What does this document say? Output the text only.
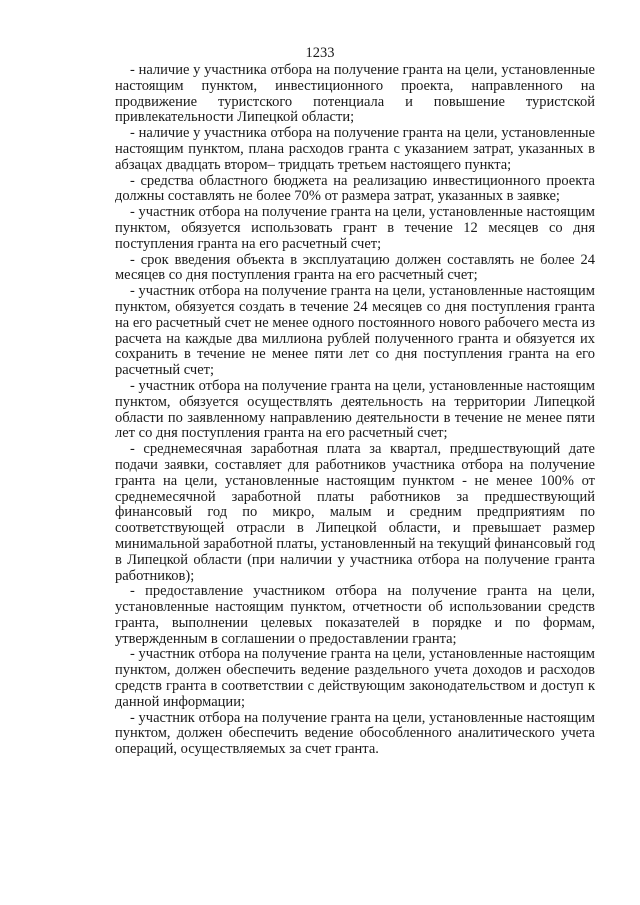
1233

- наличие у участника отбора на получение гранта на цели, установленные настоящим пунктом, инвестиционного проекта, направленного на продвижение туристского потенциала и повышение туристской привлекательности Липецкой области;

- наличие у участника отбора на получение гранта на цели, установленные настоящим пунктом, плана расходов гранта с указанием затрат, указанных в абзацах двадцать втором– тридцать третьем настоящего пункта;

- средства областного бюджета на реализацию инвестиционного проекта должны составлять не более 70% от размера затрат, указанных в заявке;

- участник отбора на получение гранта на цели, установленные настоящим пунктом, обязуется использовать грант в течение 12 месяцев со дня поступления гранта на его расчетный счет;

- срок введения объекта в эксплуатацию должен составлять не более 24 месяцев со дня поступления гранта на его расчетный счет;

- участник отбора на получение гранта на цели, установленные настоящим пунктом, обязуется создать в течение 24 месяцев со дня поступления гранта на его расчетный счет не менее одного постоянного нового рабочего места из расчета на каждые два миллиона рублей полученного гранта и обязуется их сохранить в течение не менее пяти лет со дня поступления гранта на его расчетный счет;

- участник отбора на получение гранта на цели, установленные настоящим пунктом, обязуется осуществлять деятельность на территории Липецкой области по заявленному направлению деятельности в течение не менее пяти лет со дня поступления гранта на его расчетный счет;

- среднемесячная заработная плата за квартал, предшествующий дате подачи заявки, составляет для работников участника отбора на получение гранта на цели, установленные настоящим пунктом - не менее 100% от среднемесячной заработной платы работников за предшествующий финансовый год по микро, малым и средним предприятиям по соответствующей отрасли в Липецкой области, и превышает размер минимальной заработной платы, установленный на текущий финансовый год в Липецкой области (при наличии у участника отбора на получение гранта работников);

- предоставление участником отбора на получение гранта на цели, установленные настоящим пунктом, отчетности об использовании средств гранта, выполнении целевых показателей в порядке и по формам, утвержденным в соглашении о предоставлении гранта;

- участник отбора на получение гранта на цели, установленные настоящим пунктом, должен обеспечить ведение раздельного учета доходов и расходов средств гранта в соответствии с действующим законодательством и доступ к данной информации;

- участник отбора на получение гранта на цели, установленные настоящим пунктом, должен обеспечить ведение обособленного аналитического учета операций, осуществляемых за счет гранта.
